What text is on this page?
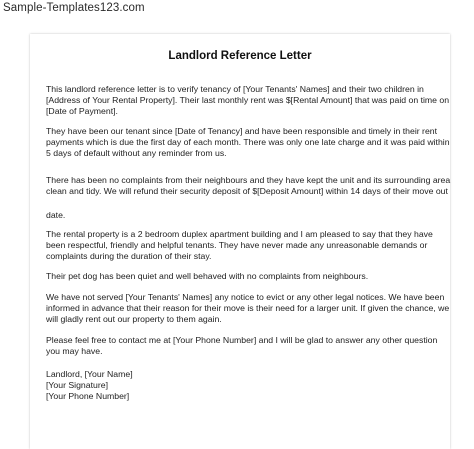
Sample-Templates123.com
Landlord Reference Letter
This landlord reference letter is to verify tenancy of [Your Tenants' Names] and their two children in
[Address of Your Rental Property]. Their last monthly rent was $[Rental Amount] that was paid on time on
[Date of Payment].
They have been our tenant since [Date of Tenancy] and have been responsible and timely in their rent
payments which is due the first day of each month. There was only one late charge and it was paid within
5 days of default without any reminder from us.
There has been no complaints from their neighbours and they have kept the unit and its surrounding area
clean and tidy. We will refund their security deposit of $[Deposit Amount] within 14 days of their move out
date.
The rental property is a 2 bedroom duplex apartment building and I am pleased to say that they have
been respectful, friendly and helpful tenants. They have never made any unreasonable demands or
complaints during the duration of their stay.
Their pet dog has been quiet and well behaved with no complaints from neighbours.
We have not served [Your Tenants' Names] any notice to evict or any other legal notices. We have been
informed in advance that their reason for their move is their need for a larger unit. If given the chance, we
will gladly rent out our property to them again.
Please feel free to contact me at [Your Phone Number] and I will be glad to answer any other question
you may have.
Landlord, [Your Name]
[Your Signature]
[Your Phone Number]
